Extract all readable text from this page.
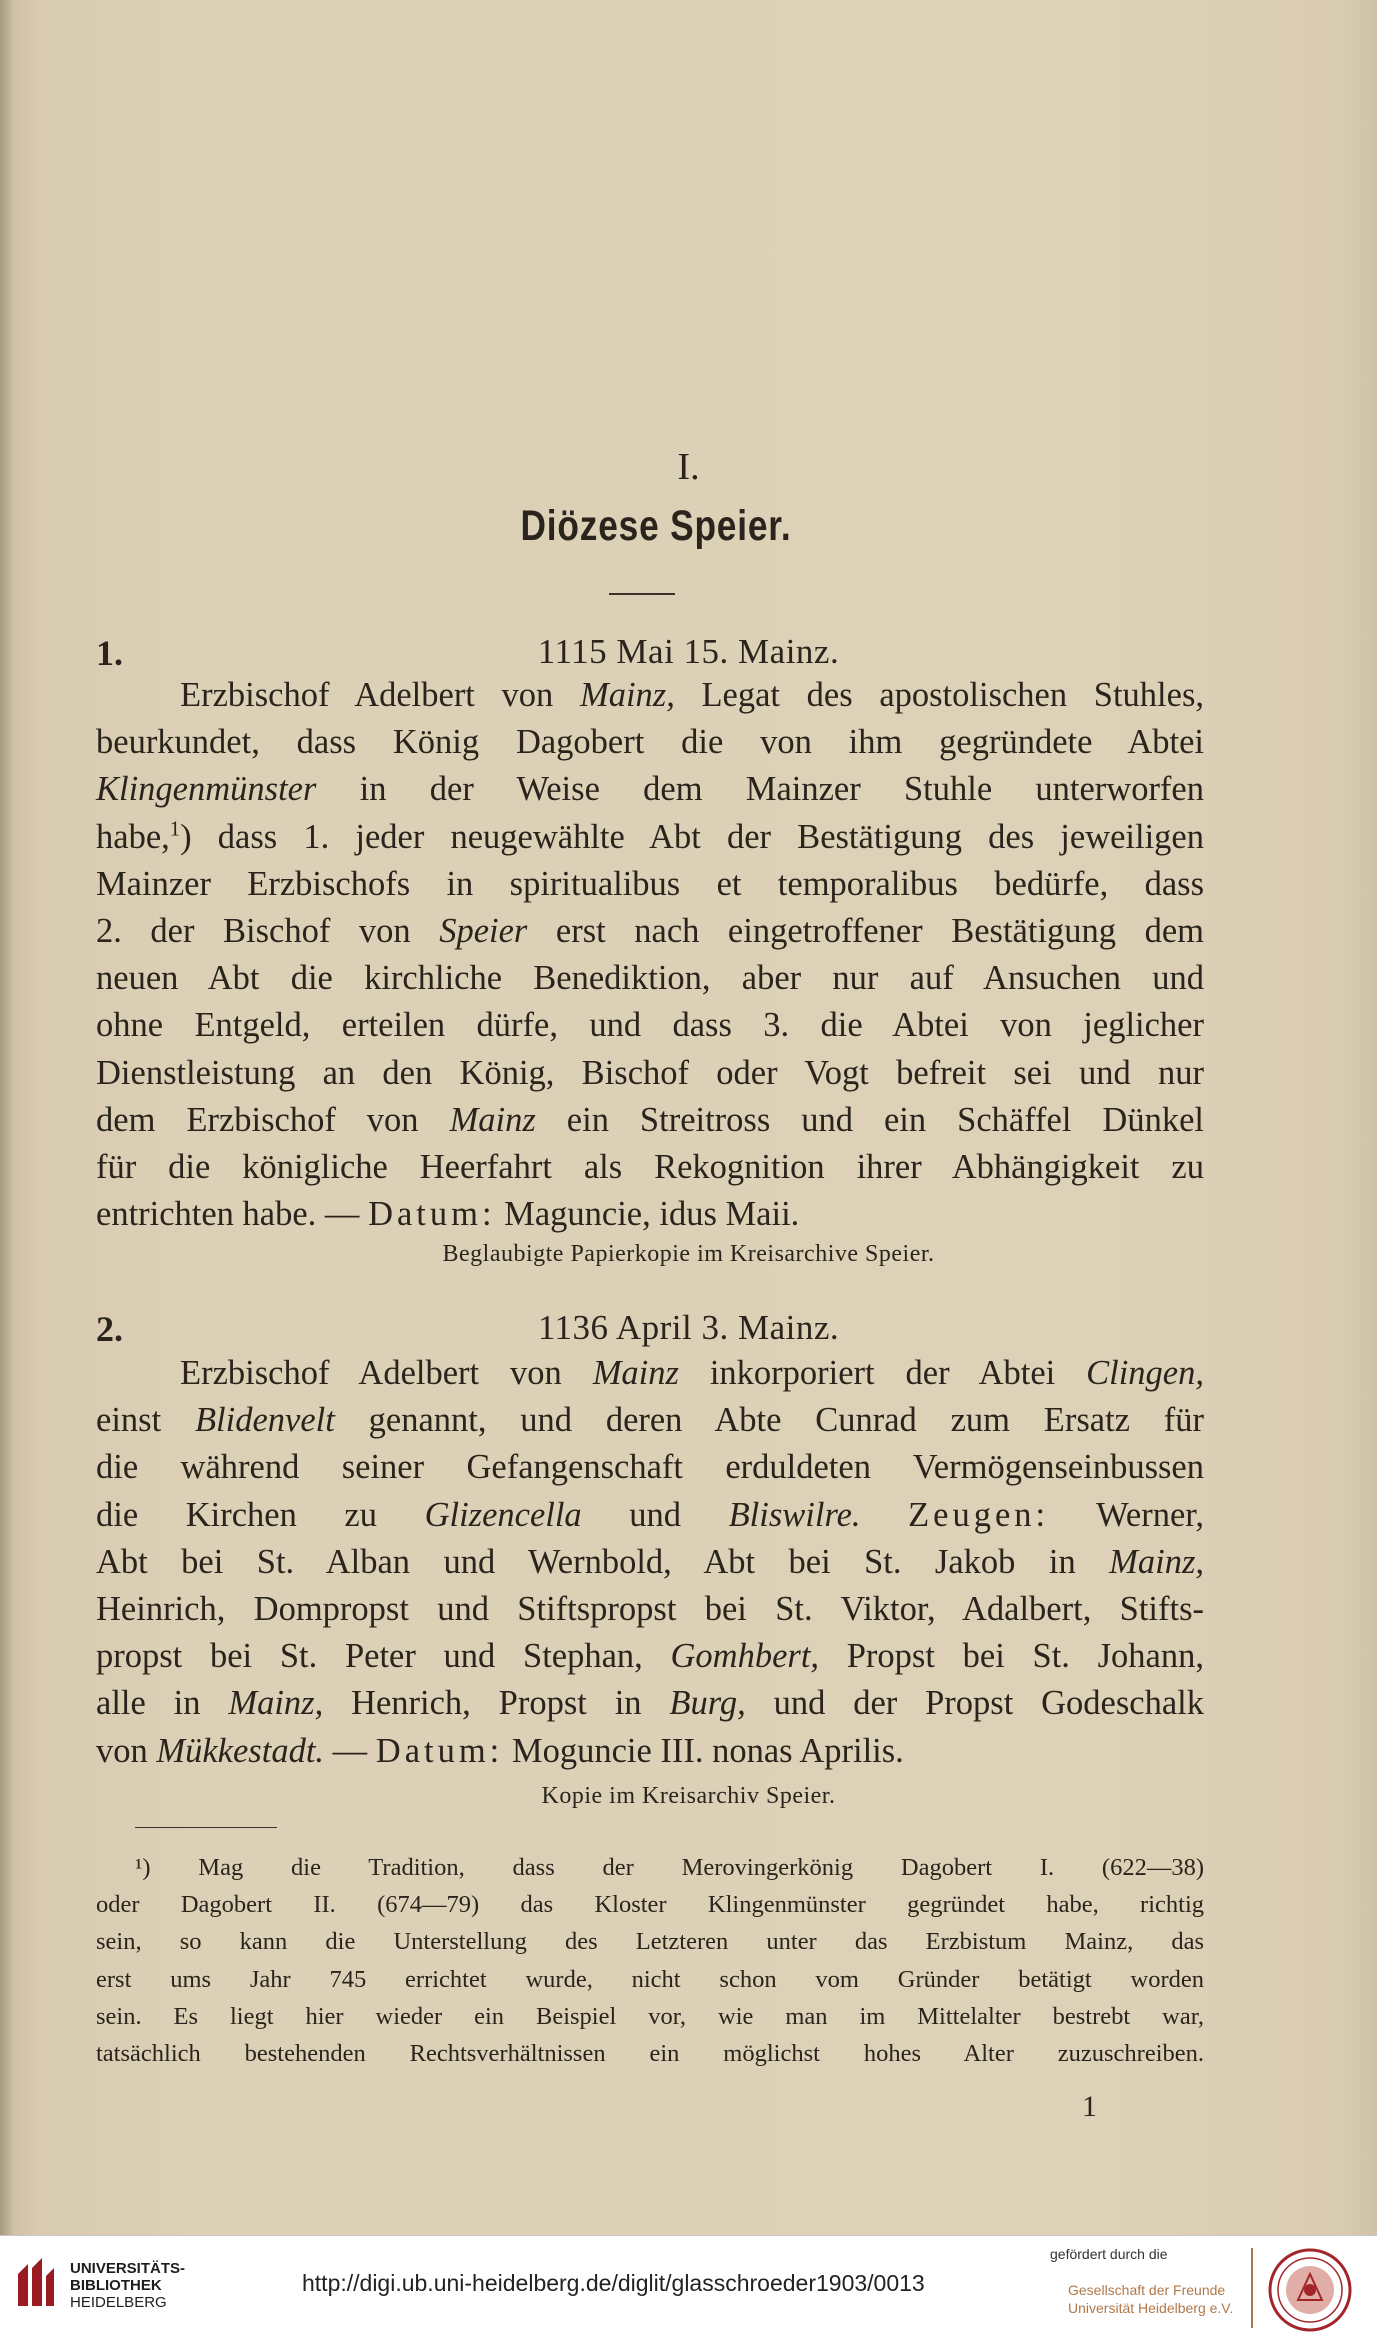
I.
Diözese Speier.
1.	1115 Mai 15. Mainz.
Beglaubigte Papierkopie im Kreisarchive Speier.
2.	1136 April 3. Mainz.
Kopie im Kreisarchiv Speier.
1
Erzbischof Adelbert von Mainz, Legat des apostolischen Stuhles,
beurkundet, dass König Dagobert die von ihm gegründete Abtei
Klingenmünster in der Weise dem Mainzer Stuhle unterworfen
habe,$^1$) dass 1. jeder neugewählte Abt der Bestätigung des jeweiligen
Mainzer Erzbischofs in spiritualibus et temporalibus bedürfe, dass
2. der Bischof von Speier erst nach eingetroffener Bestätigung dem
neuen Abt die kirchliche Benediktion, aber nur auf Ansuchen und
ohne Entgeld, erteilen dürfe, und dass 3. die Abtei von jeglicher
Dienstleistung an den König, Bischof oder Vogt befreit sei und nur
dem Erzbischof von Mainz ein Streitross und ein Schäffel Dünkel
für die königliche Heerfahrt als Rekognition ihrer Abhängigkeit zu
entrichten habe. — Datum: Maguncie, idus Maii.
Erzbischof Adelbert von Mainz inkorporiert der Abtei Clingen,
einst Blidenvelt genannt, und deren Abte Cunrad zum Ersatz für
die während seiner Gefangenschaft erduldeten Vermögenseinbussen
die Kirchen zu Glizencella und Bliswilre. Zeugen: Werner,
Abt bei St. Alban und Wernbold, Abt bei St. Jakob in Mainz,
Heinrich, Dompropst und Stiftspropst bei St. Viktor, Adalbert, Stifts-
propst bei St. Peter und Stephan, Gomhbert, Propst bei St. Johann,
alle in Mainz, Henrich, Propst in Burg, und der Propst Godeschalk
von Mükkestadt. — Datum: Moguncie III. nonas Aprilis.
¹) Mag die Tradition, dass der Merovingerkönig Dagobert I. (622—38)
oder Dagobert II. (674—79) das Kloster Klingenmünster gegründet habe, richtig
sein, so kann die Unterstellung des Letzteren unter das Erzbistum Mainz, das
erst ums Jahr 745 errichtet wurde, nicht schon vom Gründer betätigt worden
sein. Es liegt hier wieder ein Beispiel vor, wie man im Mittelalter bestrebt war,
tatsächlich bestehenden Rechtsverhältnissen ein möglichst hohes Alter zuzuschreiben.
UNIVERSITÄTS-
BIBLIOTHEK
HEIDELBERG
http://digi.ub.uni-heidelberg.de/diglit/glasschroeder1903/0013
gefördert durch die
Gesellschaft der Freunde
Universität Heidelberg e.V.
